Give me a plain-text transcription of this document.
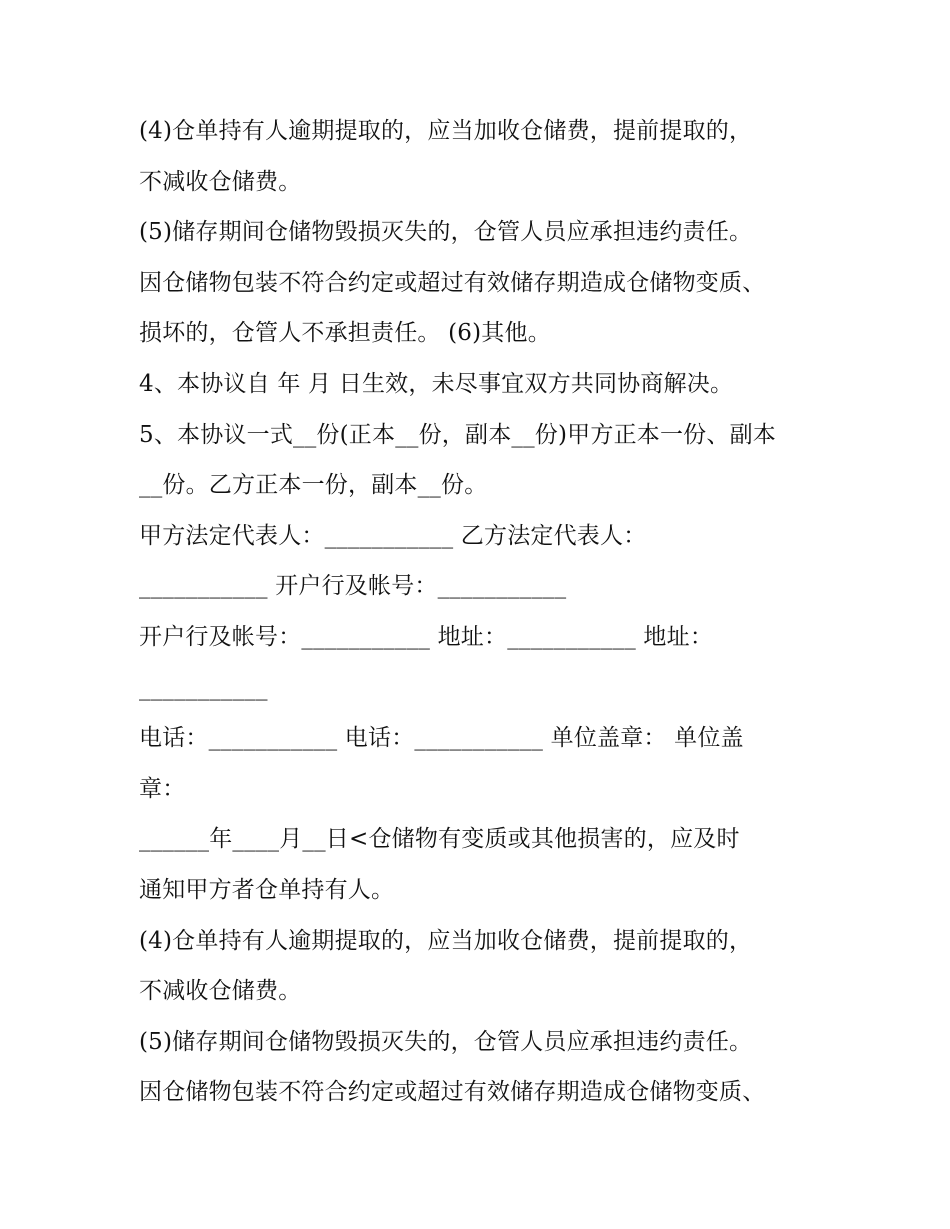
(4)仓单持有人逾期提取的，应当加收仓储费，提前提取的，
不减收仓储费。
(5)储存期间仓储物毁损灭失的，仓管人员应承担违约责任。
因仓储物包装不符合约定或超过有效储存期造成仓储物变质、
损坏的，仓管人不承担责任。 (6)其他。
4、本协议自 年 月 日生效，未尽事宜双方共同协商解决。
5、本协议一式__份(正本__份，副本__份)甲方正本一份、副本
__份。乙方正本一份，副本__份。
甲方法定代表人：___________ 乙方法定代表人：
___________ 开户行及帐号：___________
开户行及帐号：___________ 地址：___________ 地址：
___________
电话：___________ 电话：___________ 单位盖章： 单位盖
章：
______年____月__日<仓储物有变质或其他损害的，应及时
通知甲方者仓单持有人。
(4)仓单持有人逾期提取的，应当加收仓储费，提前提取的，
不减收仓储费。
(5)储存期间仓储物毁损灭失的，仓管人员应承担违约责任。
因仓储物包装不符合约定或超过有效储存期造成仓储物变质、
